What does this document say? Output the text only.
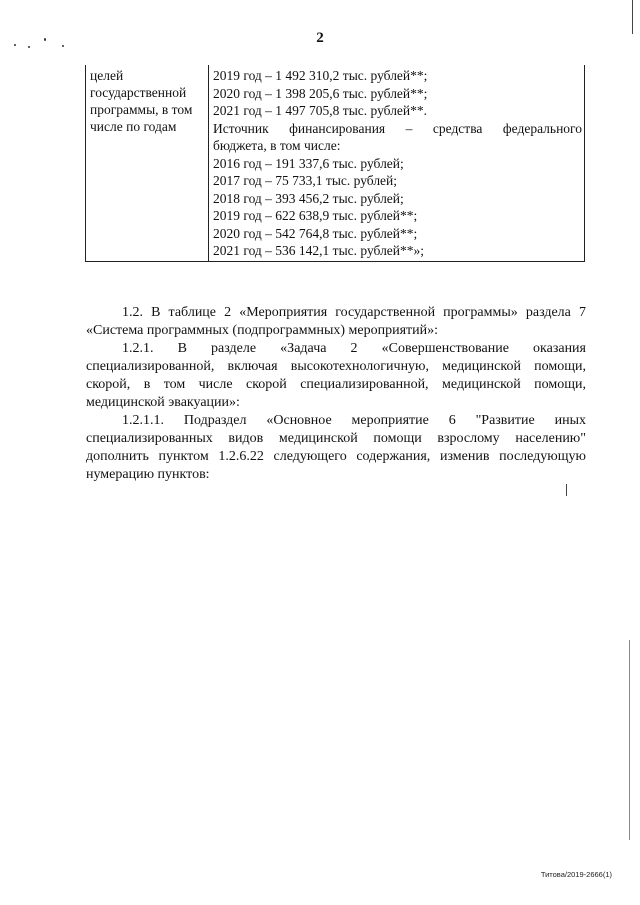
2
целей
государственной
программы, в том
числе по годам
2019 год – 1 492 310,2 тыс. рублей**;
2020 год – 1 398 205,6 тыс. рублей**;
2021 год – 1 497 705,8 тыс. рублей**.
Источник финансирования – средства федерального
бюджета, в том числе:
2016 год – 191 337,6 тыс. рублей;
2017 год – 75 733,1 тыс. рублей;
2018 год – 393 456,2 тыс. рублей;
2019 год – 622 638,9 тыс. рублей**;
2020 год – 542 764,8 тыс. рублей**;
2021 год – 536 142,1 тыс. рублей**»;

1.2. В таблице 2 «Мероприятия государственной программы» раздела 7 «Система программных (подпрограммных) мероприятий»:

1.2.1. В разделе «Задача 2 «Совершенствование оказания специализированной, включая высокотехнологичную, медицинской помощи, скорой, в том числе скорой специализированной, медицинской помощи, медицинской эвакуации»:

1.2.1.1. Подраздел «Основное мероприятие 6 "Развитие иных специализированных видов медицинской помощи взрослому населению" дополнить пунктом 1.2.6.22 следующего содержания, изменив последующую нумерацию пунктов:

Титова/2019-2666(1)
